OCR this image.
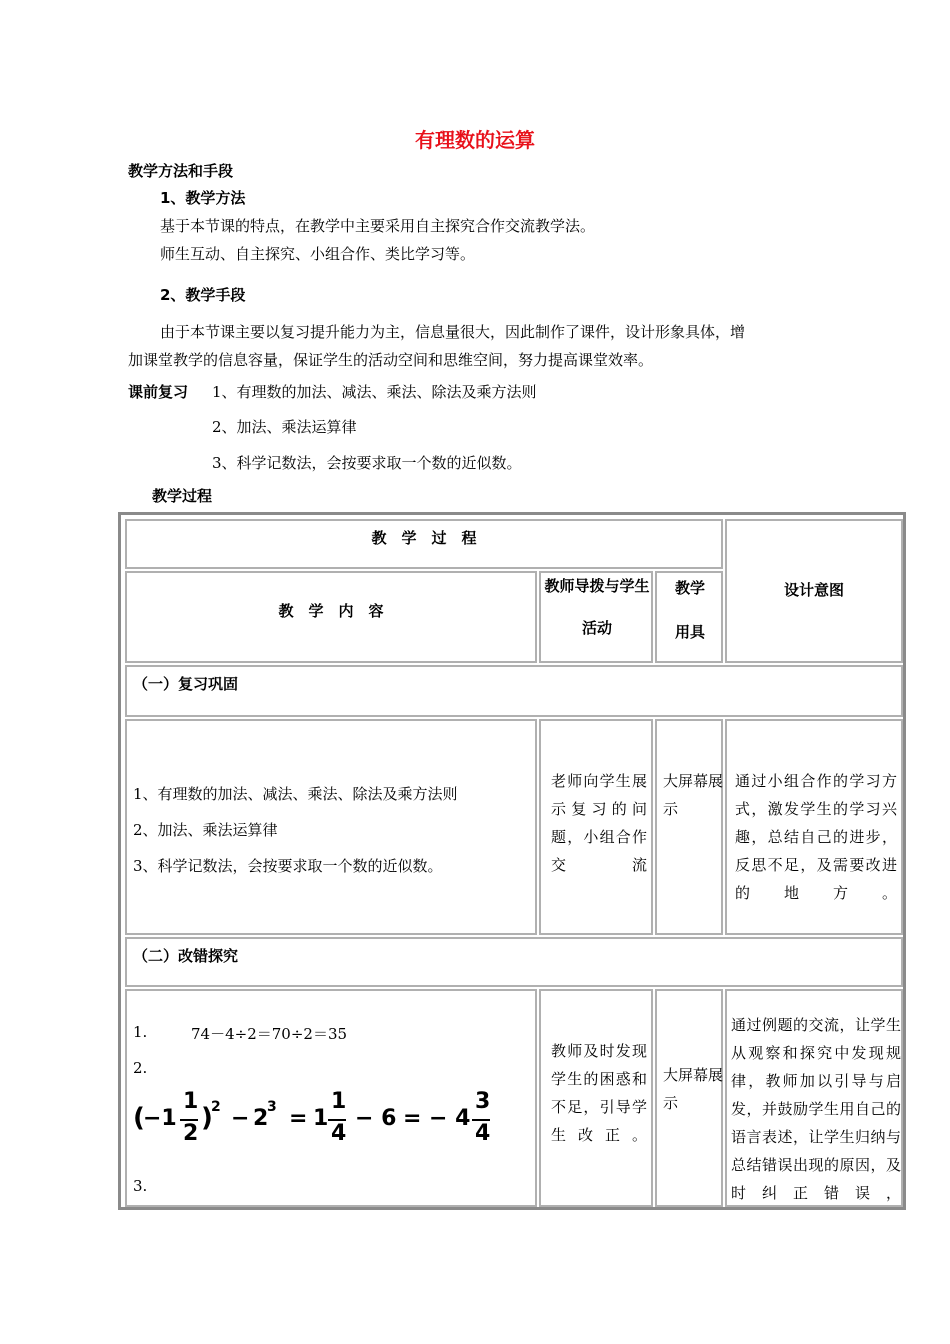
有理数的运算
教学方法和手段
1、教学方法
基于本节课的特点，在教学中主要采用自主探究合作交流教学法。
师生互动、自主探究、小组合作、类比学习等。
2、教学手段
由于本节课主要以复习提升能力为主，信息量很大，因此制作了课件，设计形象具体，增
加课堂教学的信息容量，保证学生的活动空间和思维空间，努力提高课堂效率。
课前复习 1、有理数的加法、减法、乘法、除法及乘方法则
2、加法、乘法运算律
3、科学记数法，会按要求取一个数的近似数。
教学过程
教　学　过　程
设计意图
教　学　内　容
教师导拨与学生
活动
教学
用具
（一）复习巩固
1、有理数的加法、减法、乘法、除法及乘方法则
2、加法、乘法运算律
3、科学记数法，会按要求取一个数的近似数。
老师向学生展示复习的问题，小组合作交流
大屏幕展示
通过小组合作的学习方式，激发学生的学习兴趣，总结自己的进步，反思不足，及需要改进的地方。
（二）改错探究
1.	74－4÷2＝70÷2＝35
2.
(
−1
1
2
)
2 − 2
3 = 1
1
4
− 6 = − 4
3
4
3.
教师及时发现学生的困惑和不足，引导学生改正。
大屏幕展示
通过例题的交流，让学生从观察和探究中发现规律，教师加以引导与启发，并鼓励学生用自己的语言表述，让学生归纳与总结错误出现的原因，及时纠正错误，
